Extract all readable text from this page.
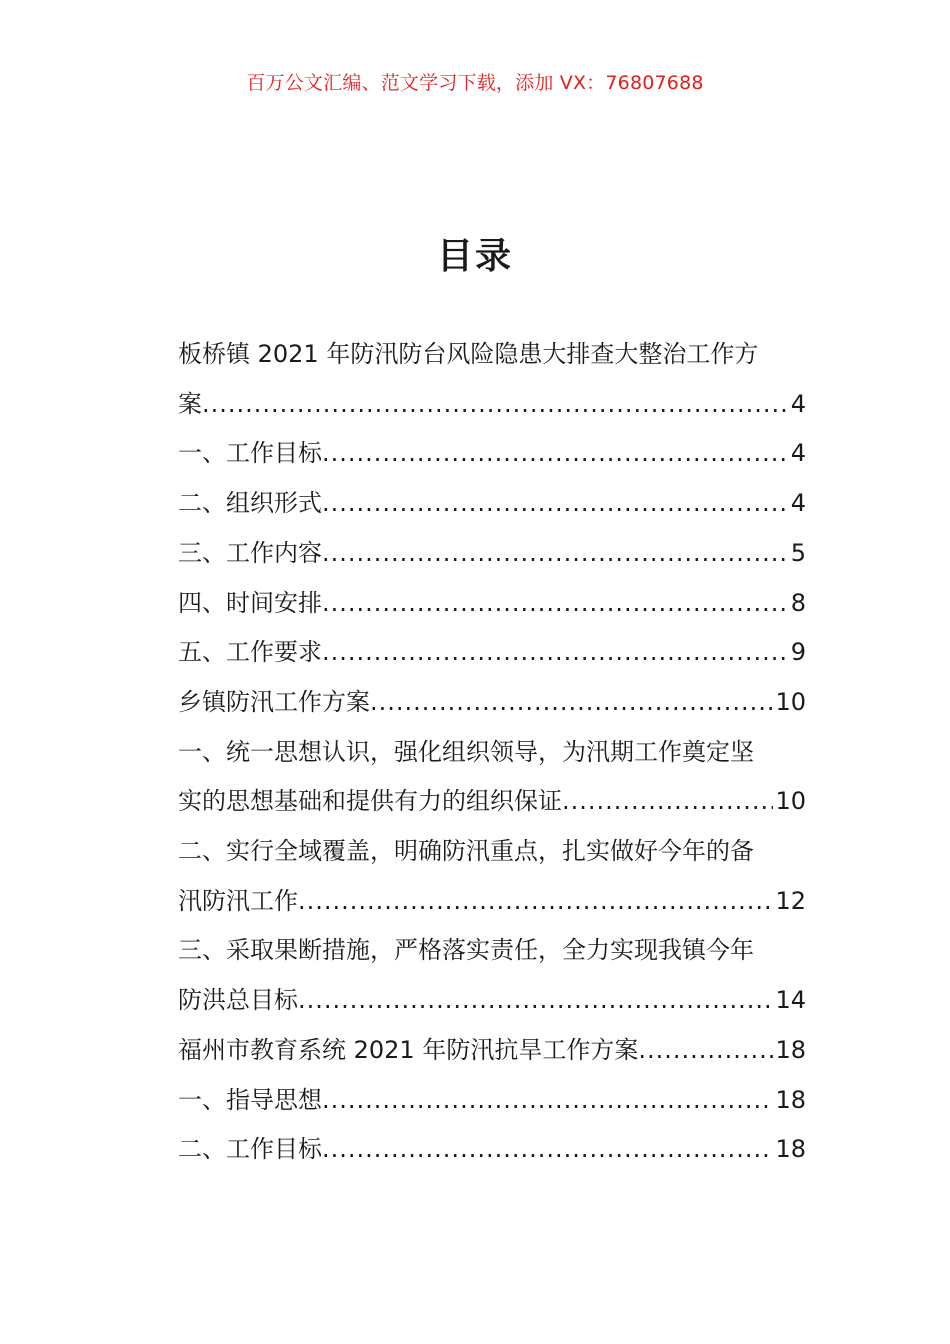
百万公文汇编、范文学习下载，添加 VX：76807688
目录
板桥镇 2021 年防汛防台风险隐患大排查大整治工作方
案 .....	4
一、工作目标 .....	4
二、组织形式 .....	4
三、工作内容 .....	5
四、时间安排 .....	8
五、工作要求 .....	9
乡镇防汛工作方案 .....	10
一、统一思想认识，强化组织领导，为汛期工作奠定坚
实的思想基础和提供有力的组织保证 .....	10
二、实行全域覆盖，明确防汛重点，扎实做好今年的备
汛防汛工作 .....	12
三、采取果断措施，严格落实责任，全力实现我镇今年
防洪总目标 .....	14
福州市教育系统 2021 年防汛抗旱工作方案 .....	18
一、指导思想 .....	18
二、工作目标 .....	18
